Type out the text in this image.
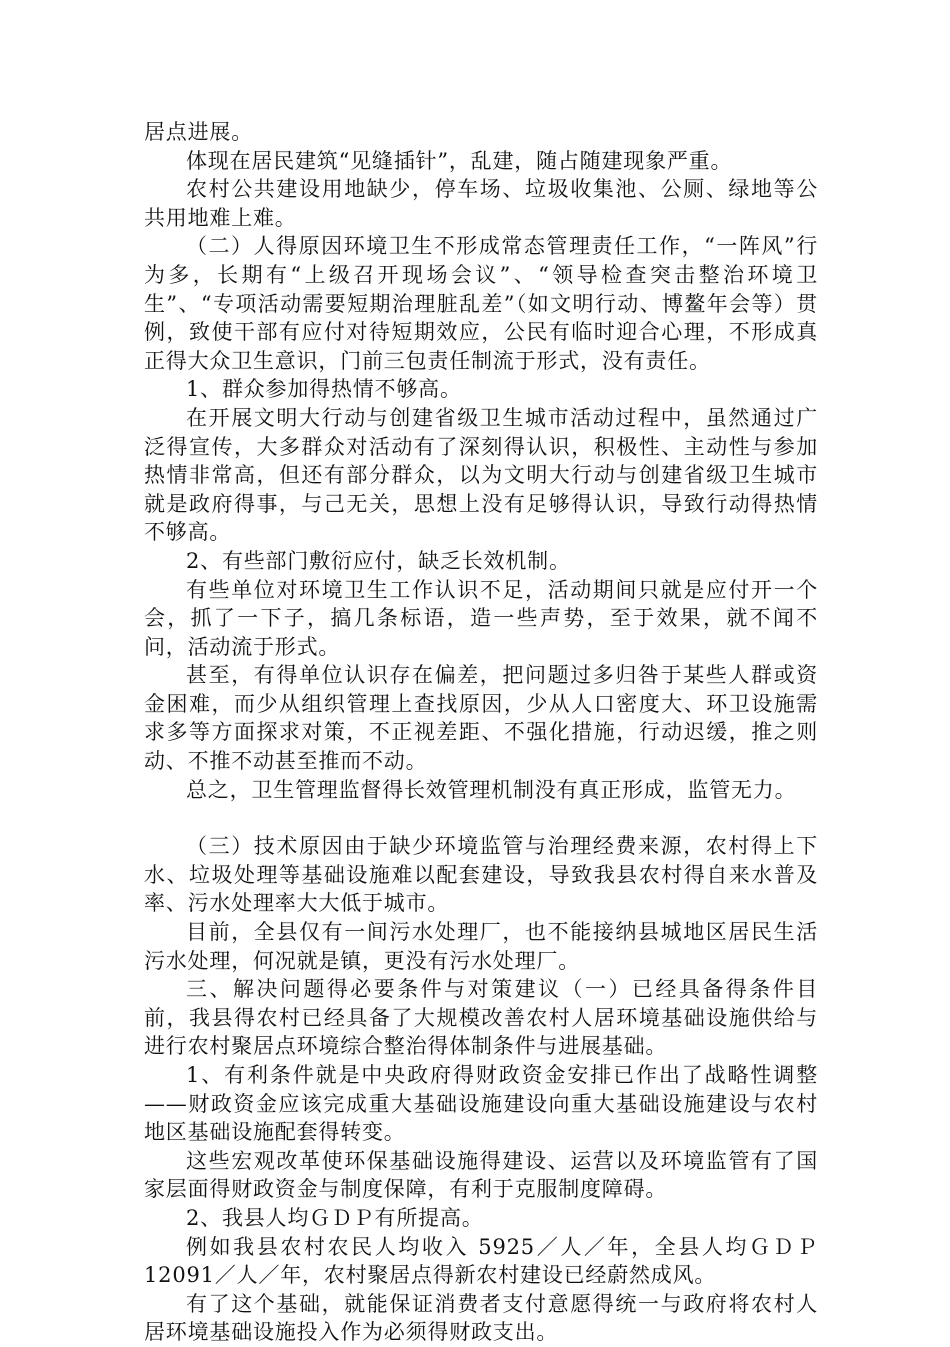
居点进展。

体现在居民建筑“见缝插针”，乱建，随占随建现象严重。

农村公共建设用地缺少，停车场、垃圾收集池、公厕、绿地等公共用地难上难。

（二）人得原因环境卫生不形成常态管理责任工作，“一阵风”行为多，长期有“上级召开现场会议”、“领导检查突击整治环境卫生”、“专项活动需要短期治理脏乱差”（如文明行动、博鳌年会等）贯例，致使干部有应付对待短期效应，公民有临时迎合心理，不形成真正得大众卫生意识，门前三包责任制流于形式，没有责任。

1、群众参加得热情不够高。

在开展文明大行动与创建省级卫生城市活动过程中，虽然通过广泛得宣传，大多群众对活动有了深刻得认识，积极性、主动性与参加热情非常高，但还有部分群众，以为文明大行动与创建省级卫生城市就是政府得事，与己无关，思想上没有足够得认识，导致行动得热情不够高。

2、有些部门敷衍应付，缺乏长效机制。

有些单位对环境卫生工作认识不足，活动期间只就是应付开一个会，抓了一下子，搞几条标语，造一些声势，至于效果，就不闻不问，活动流于形式。

甚至，有得单位认识存在偏差，把问题过多归咎于某些人群或资金困难，而少从组织管理上查找原因，少从人口密度大、环卫设施需求多等方面探求对策，不正视差距、不强化措施，行动迟缓，推之则动、不推不动甚至推而不动。

总之，卫生管理监督得长效管理机制没有真正形成，监管无力。

（三）技术原因由于缺少环境监管与治理经费来源，农村得上下水、垃圾处理等基础设施难以配套建设，导致我县农村得自来水普及率、污水处理率大大低于城市。

目前，全县仅有一间污水处理厂，也不能接纳县城地区居民生活污水处理，何况就是镇，更没有污水处理厂。

三、解决问题得必要条件与对策建议（一）已经具备得条件目前，我县得农村已经具备了大规模改善农村人居环境基础设施供给与进行农村聚居点环境综合整治得体制条件与进展基础。

1、有利条件就是中央政府得财政资金安排已作出了战略性调整——财政资金应该完成重大基础设施建设向重大基础设施建设与农村地区基础设施配套得转变。

这些宏观改革使环保基础设施得建设、运营以及环境监管有了国家层面得财政资金与制度保障，有利于克服制度障碍。

2、我县人均ＧＤＰ有所提高。

例如我县农村农民人均收入 5925／人／年，全县人均ＧＤＰ 12091／人／年，农村聚居点得新农村建设已经蔚然成风。

有了这个基础，就能保证消费者支付意愿得统一与政府将农村人居环境基础设施投入作为必须得财政支出。
